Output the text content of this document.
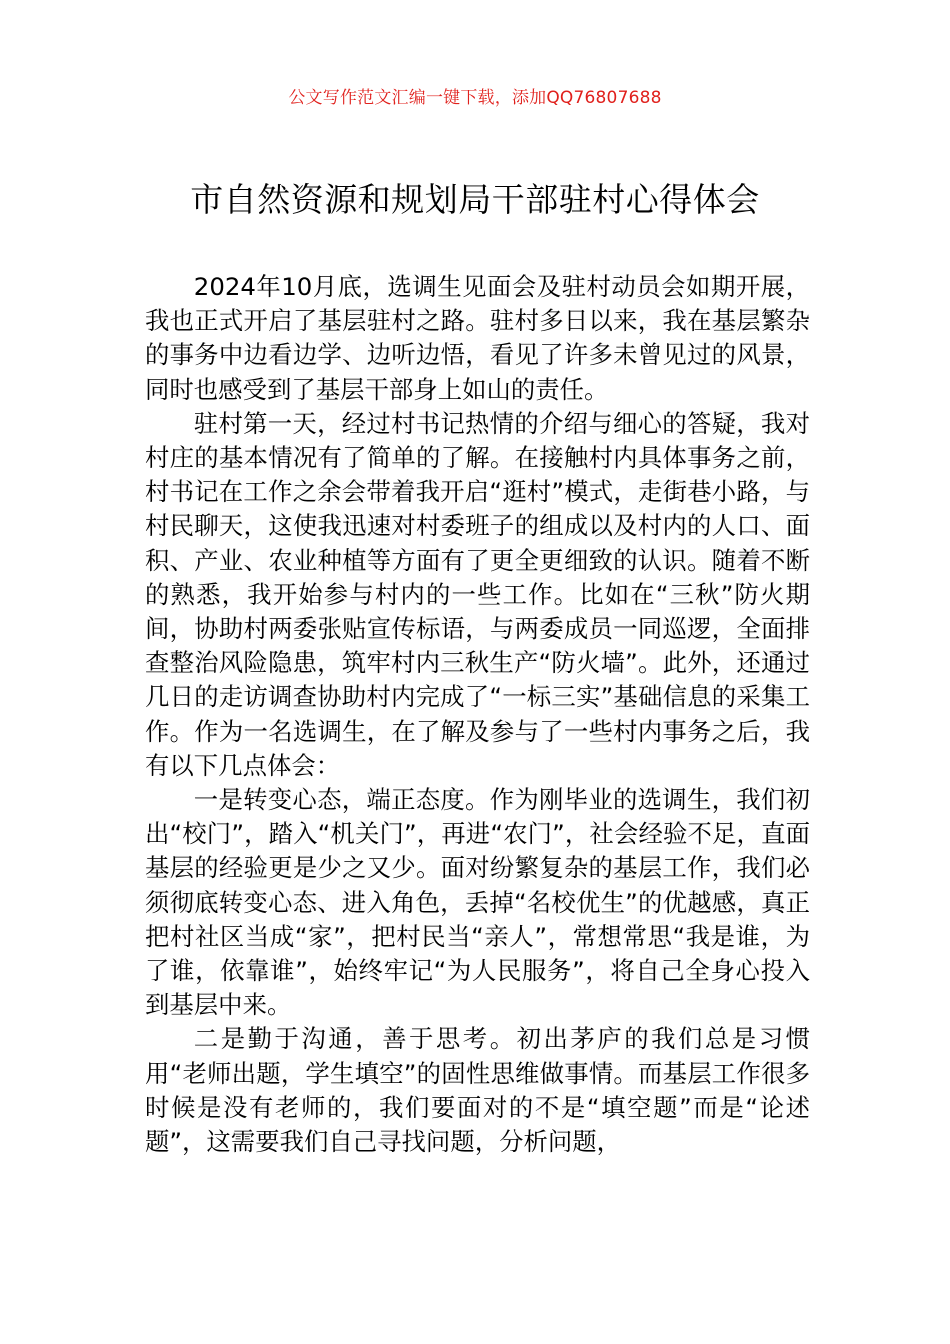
公文写作范文汇编一键下载，添加QQ76807688
市自然资源和规划局干部驻村心得体会

2024年10月底，选调生见面会及驻村动员会如期开展，我也正式开启了基层驻村之路。驻村多日以来，我在基层繁杂的事务中边看边学、边听边悟，看见了许多未曾见过的风景，同时也感受到了基层干部身上如山的责任。

驻村第一天，经过村书记热情的介绍与细心的答疑，我对村庄的基本情况有了简单的了解。在接触村内具体事务之前，村书记在工作之余会带着我开启“逛村”模式，走街巷小路，与村民聊天，这使我迅速对村委班子的组成以及村内的人口、面积、产业、农业种植等方面有了更全更细致的认识。随着不断的熟悉，我开始参与村内的一些工作。比如在“三秋”防火期间，协助村两委张贴宣传标语，与两委成员一同巡逻，全面排查整治风险隐患，筑牢村内三秋生产“防火墙”。此外，还通过几日的走访调查协助村内完成了“一标三实”基础信息的采集工作。作为一名选调生，在了解及参与了一些村内事务之后，我有以下几点体会：

一是转变心态，端正态度。作为刚毕业的选调生，我们初出“校门”，踏入“机关门”，再进“农门”，社会经验不足，直面基层的经验更是少之又少。面对纷繁复杂的基层工作，我们必须彻底转变心态、进入角色，丢掉“名校优生”的优越感，真正把村社区当成“家”，把村民当“亲人”，常想常思“我是谁，为了谁，依靠谁”，始终牢记“为人民服务”，将自己全身心投入到基层中来。

二是勤于沟通，善于思考。初出茅庐的我们总是习惯用“老师出题，学生填空”的固性思维做事情。而基层工作很多时候是没有老师的，我们要面对的不是“填空题”而是“论述题”，这需要我们自己寻找问题，分析问题，
